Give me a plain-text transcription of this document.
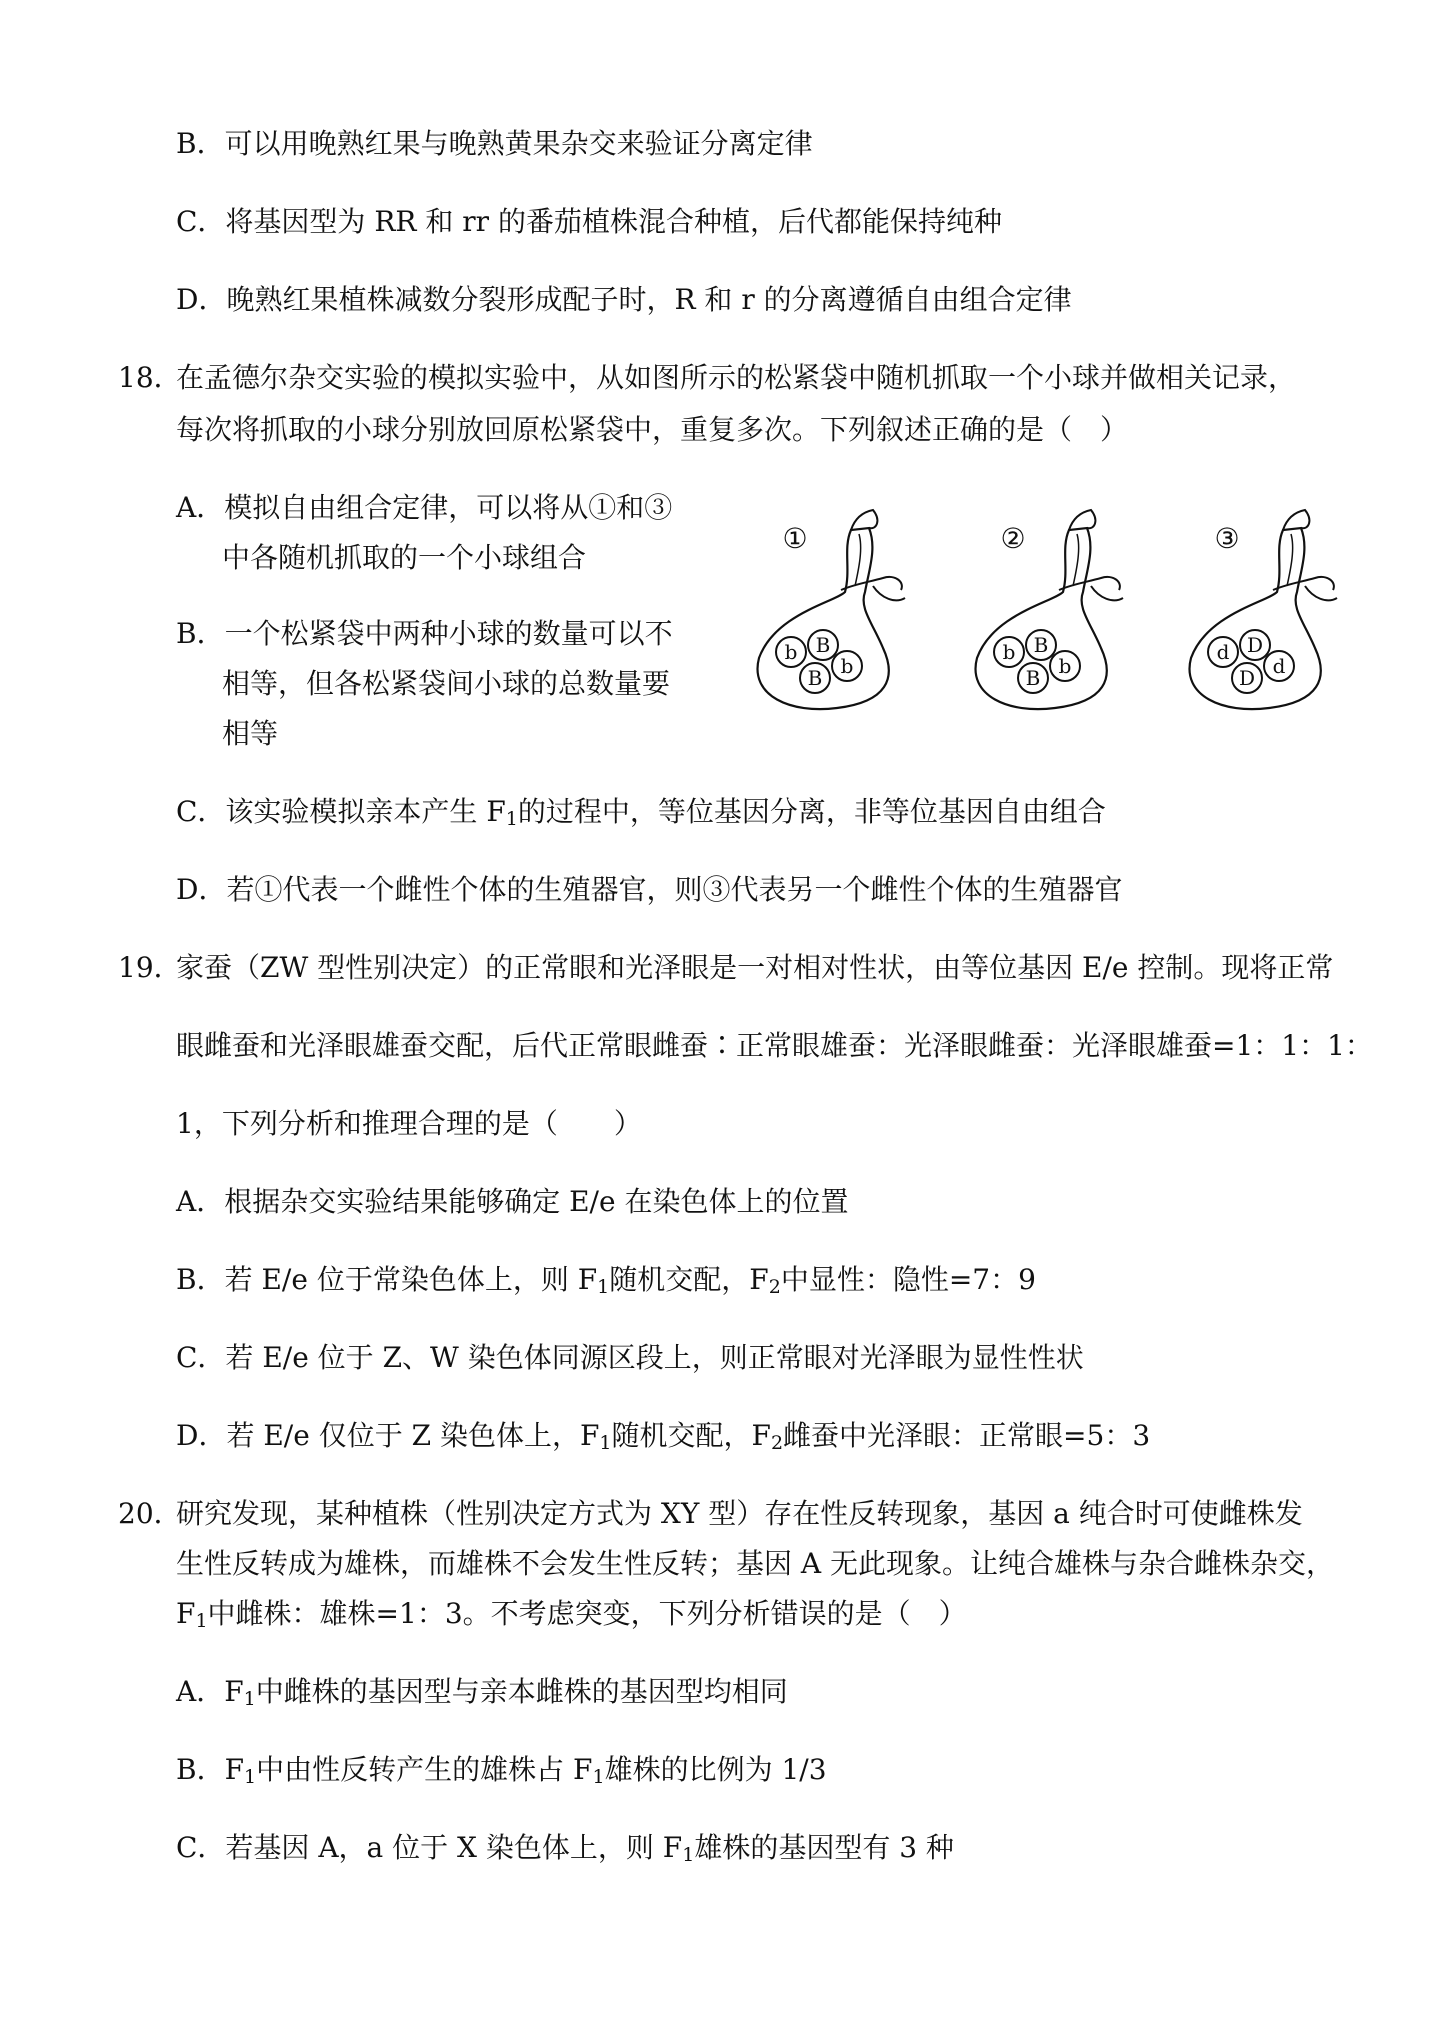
B．可以用晚熟红果与晚熟黄果杂交来验证分离定律
C．将基因型为 RR 和 rr 的番茄植株混合种植，后代都能保持纯种
D．晚熟红果植株减数分裂形成配子时，R 和 r 的分离遵循自由组合定律
18．
在孟德尔杂交实验的模拟实验中，从如图所示的松紧袋中随机抓取一个小球并做相关记录，
每次将抓取的小球分别放回原松紧袋中，重复多次。下列叙述正确的是（　）
A．模拟自由组合定律，可以将从①和③
中各随机抓取的一个小球组合
B．一个松紧袋中两种小球的数量可以不
相等，但各松紧袋间小球的总数量要
相等
C．该实验模拟亲本产生 $F_1$的过程中，等位基因分离，非等位基因自由组合
D．若①代表一个雌性个体的生殖器官，则③代表另一个雌性个体的生殖器官
①
b B
B b
②
b B
B b
③
d D
D d
19．
家蚕（ZW 型性别决定）的正常眼和光泽眼是一对相对性状，由等位基因 E/e 控制。现将正常
眼雌蚕和光泽眼雄蚕交配，后代正常眼雌蚕∶正常眼雄蚕：光泽眼雌蚕：光泽眼雄蚕=1：1：1：
1，下列分析和推理合理的是（　　）
A．根据杂交实验结果能够确定 E/e 在染色体上的位置
B．若 E/e 位于常染色体上，则 $F_1$随机交配，$F_2$中显性：隐性=7：9
C．若 E/e 位于 Z、W 染色体同源区段上，则正常眼对光泽眼为显性性状
D．若 E/e 仅位于 Z 染色体上，$F_1$随机交配，$F_2$雌蚕中光泽眼：正常眼=5：3
20．
研究发现，某种植株（性别决定方式为 XY 型）存在性反转现象，基因 a 纯合时可使雌株发
生性反转成为雄株，而雄株不会发生性反转；基因 A 无此现象。让纯合雄株与杂合雌株杂交，
$F_1$中雌株：雄株=1：3。不考虑突变，下列分析错误的是（　）
A．$F_1$中雌株的基因型与亲本雌株的基因型均相同
B．$F_1$中由性反转产生的雄株占 $F_1$雄株的比例为 1/3
C．若基因 A，a 位于 X 染色体上，则 $F_1$雄株的基因型有 3 种
